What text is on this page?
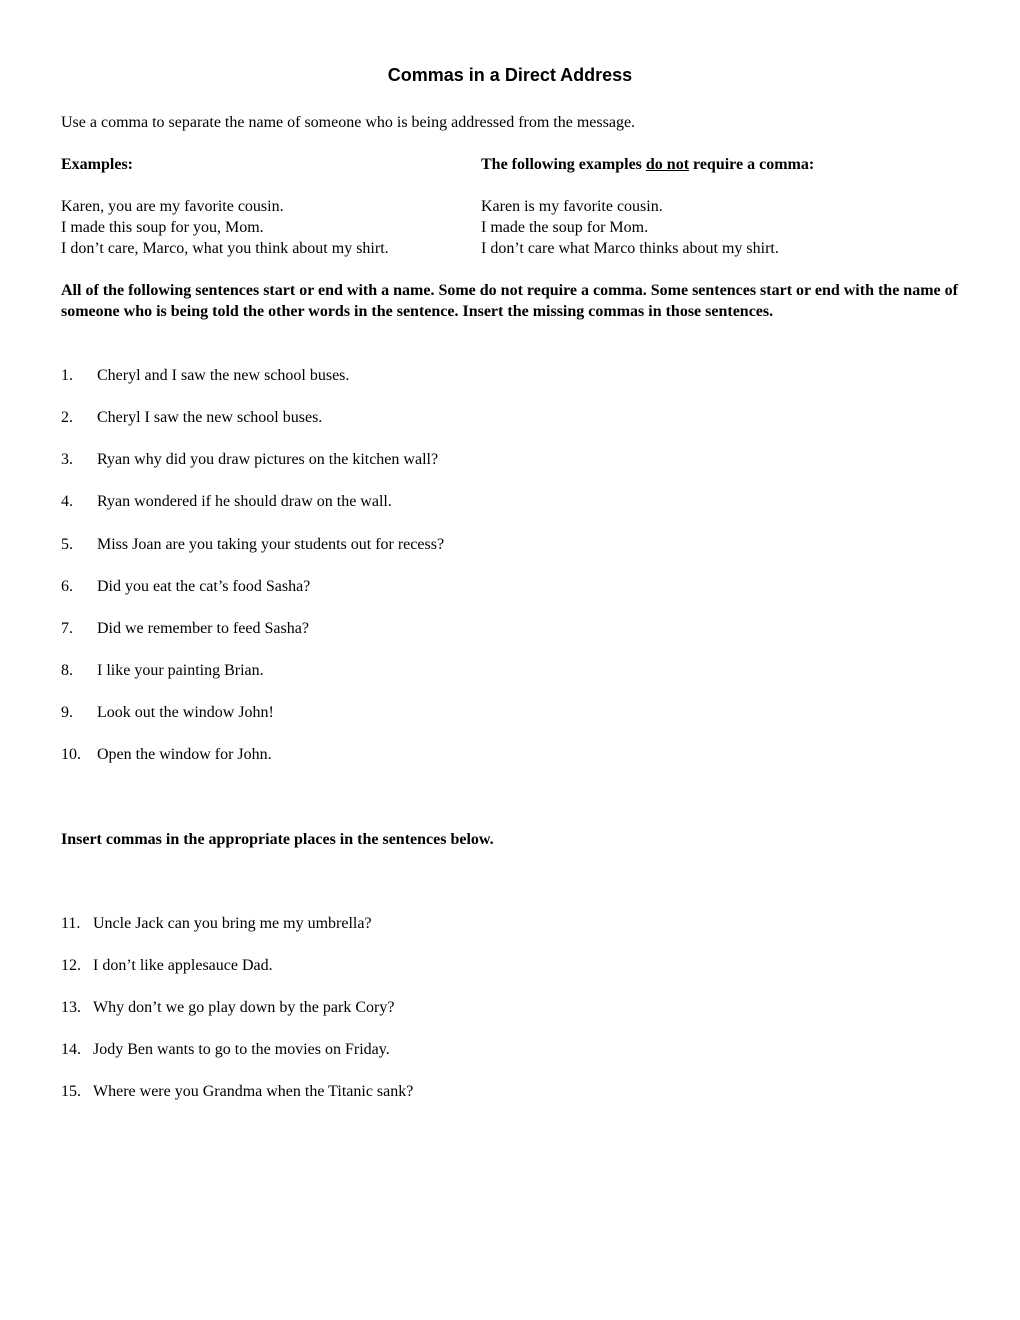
Commas in a Direct Address
Use a comma to separate the name of someone who is being addressed from the message.
Examples:	The following examples do not require a comma:
Karen, you are my favorite cousin.
I made this soup for you, Mom.
I don’t care, Marco, what you think about my shirt.
Karen is my favorite cousin.
I made the soup for Mom.
I don’t care what Marco thinks about my shirt.
All of the following sentences start or end with a name. Some do not require a comma. Some sentences start or end with the name of someone who is being told the other words in the sentence. Insert the missing commas in those sentences.
1. Cheryl and I saw the new school buses.
2. Cheryl I saw the new school buses.
3. Ryan why did you draw pictures on the kitchen wall?
4. Ryan wondered if he should draw on the wall.
5. Miss Joan are you taking your students out for recess?
6. Did you eat the cat’s food Sasha?
7. Did we remember to feed Sasha?
8. I like your painting Brian.
9. Look out the window John!
10. Open the window for John.
Insert commas in the appropriate places in the sentences below.
11. Uncle Jack can you bring me my umbrella?
12. I don’t like applesauce Dad.
13. Why don’t we go play down by the park Cory?
14. Jody Ben wants to go to the movies on Friday.
15. Where were you Grandma when the Titanic sank?
